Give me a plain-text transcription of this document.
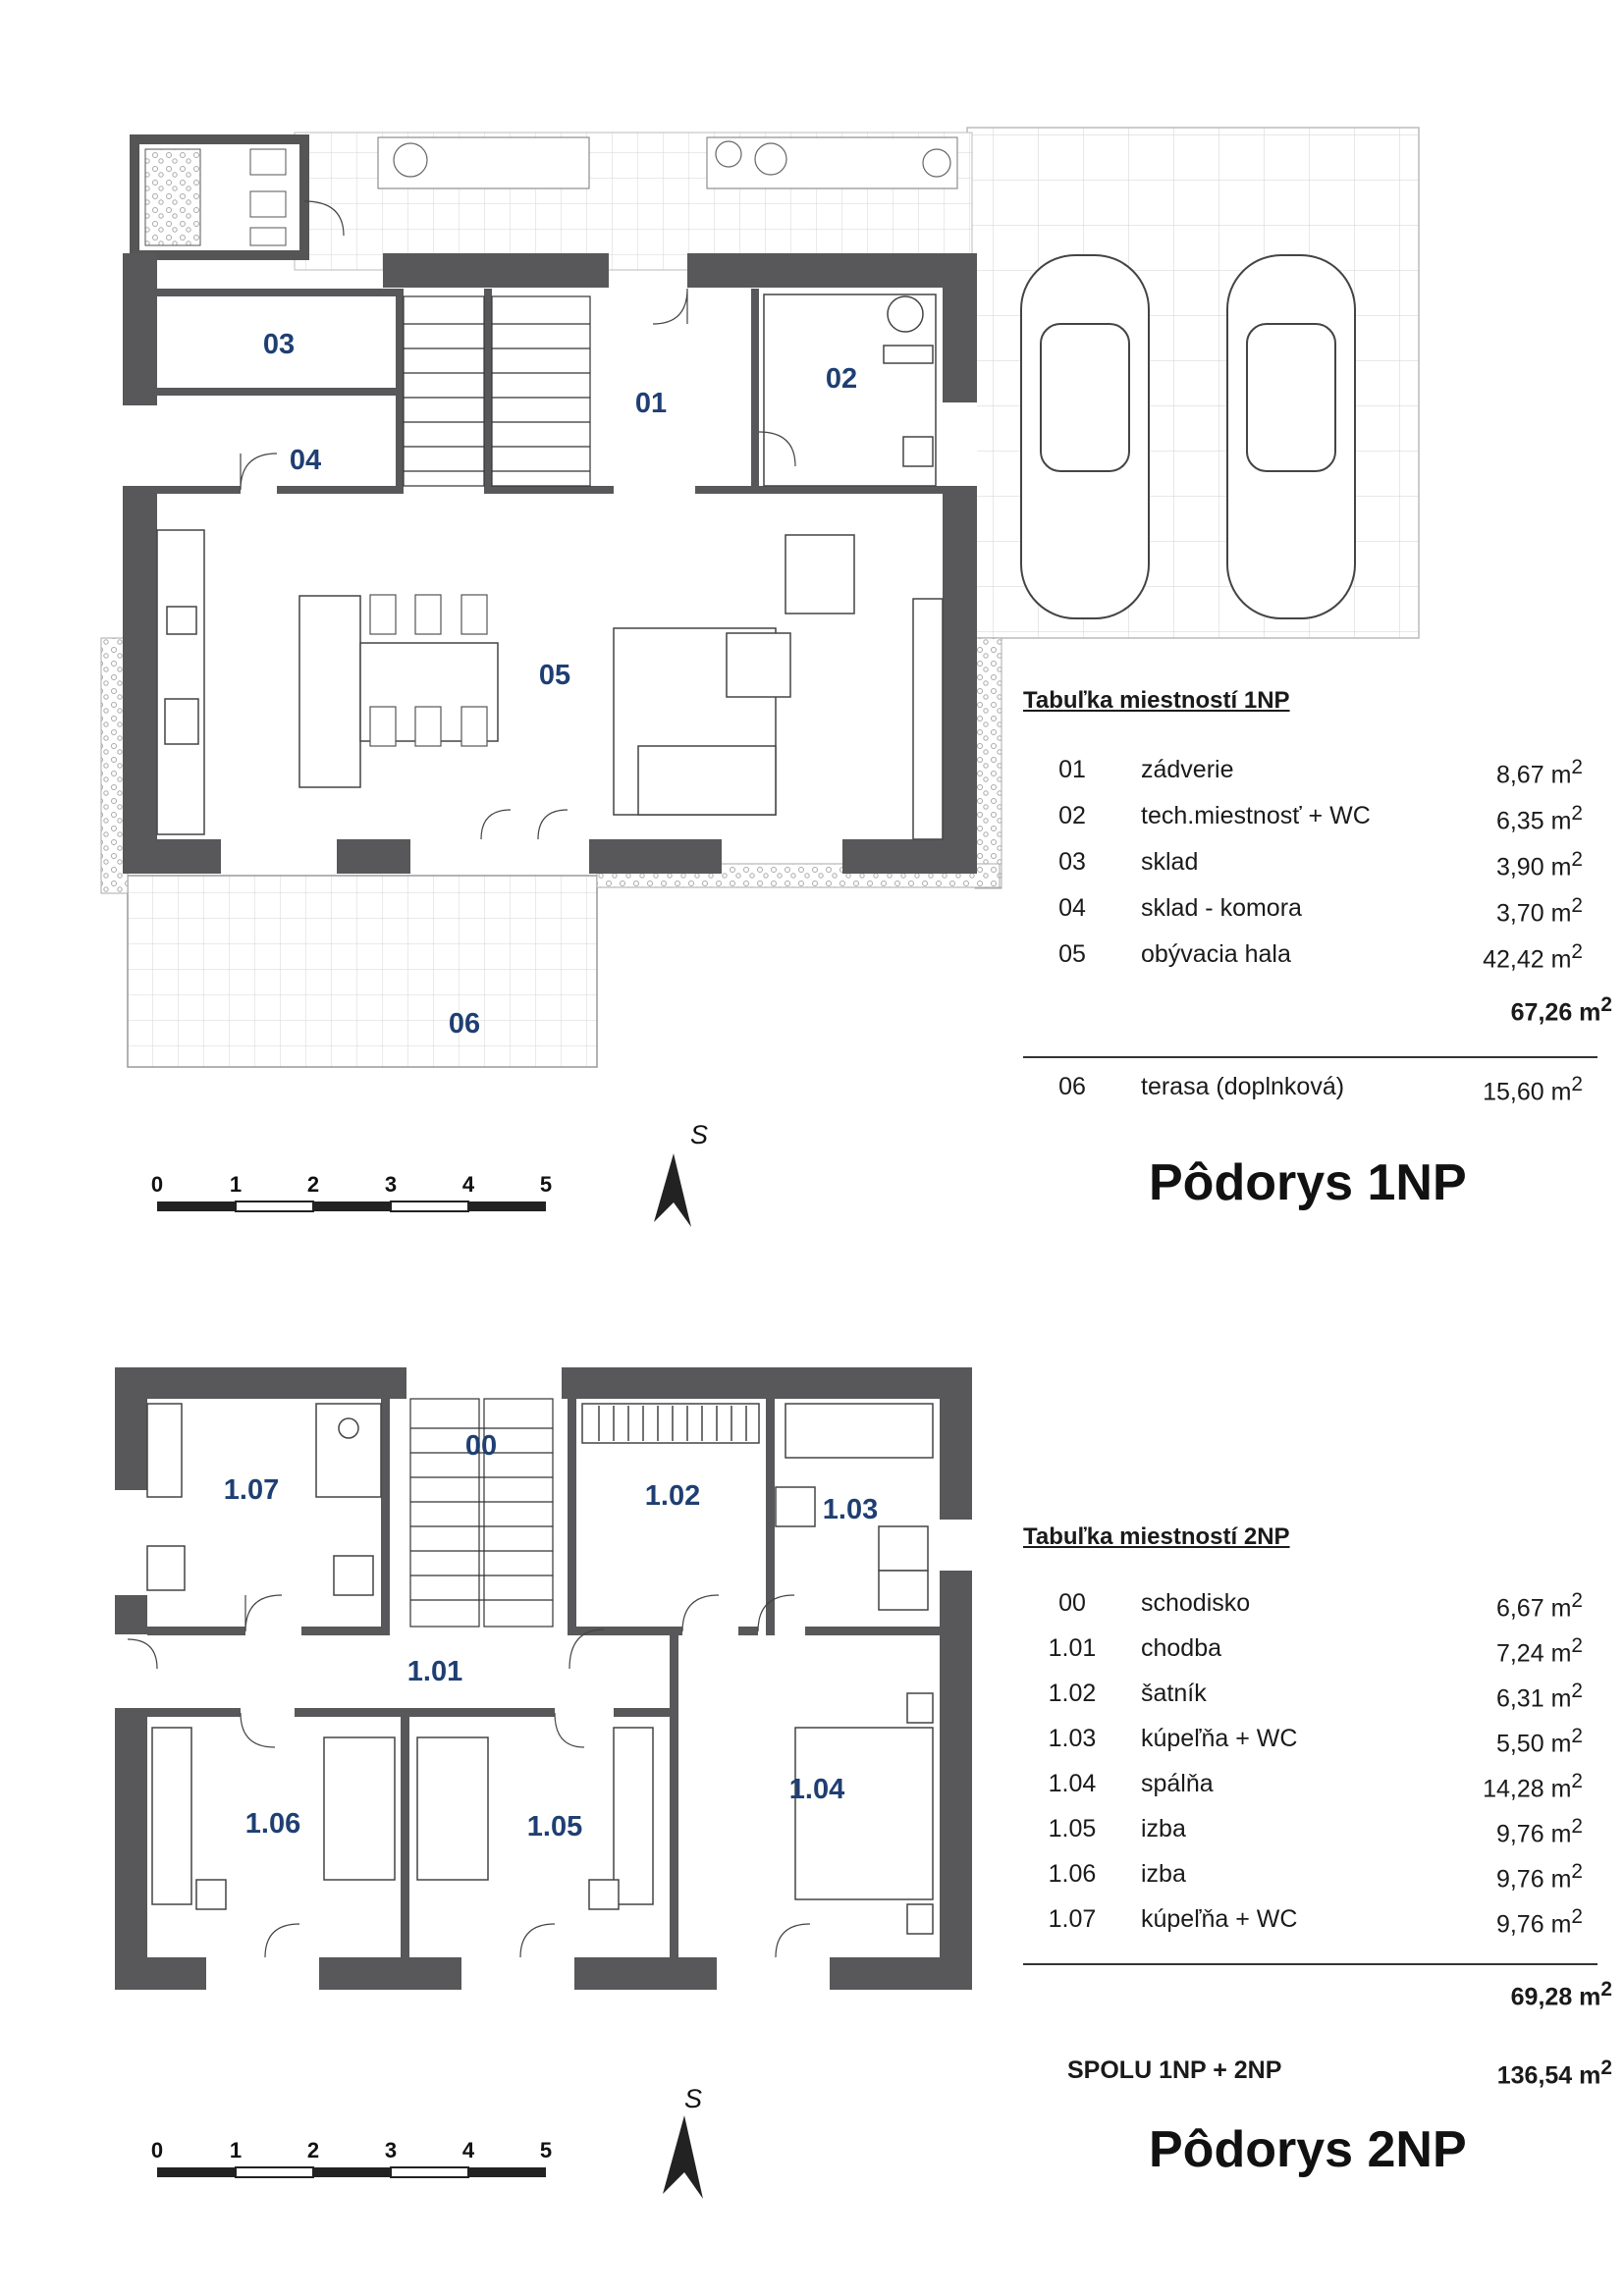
01
02
03
04
05
06
0	1	2	3	4	5
S
00
1.01
1.02	1.03
1.04
1.05
1.06
1.07
0	1	2	3	4	5
S
Tabuľka miestností 1NP
01	zádverie	8,67 $m^2$
02	tech.miestnosť + WC	6,35 $m^2$
03	sklad	3,90 $m^2$
04	sklad - komora	3,70 $m^2$
05	obývacia hala	42,42 $m^2$
67,26 $m^2$
06	terasa (doplnková)	15,60 $m^2$
Pôdorys 1NP
Tabuľka miestností 2NP
00	schodisko	6,67 $m^2$
1.01	chodba	7,24 $m^2$
1.02	šatník	6,31 $m^2$
1.03	kúpeľňa + WC	5,50 $m^2$
1.04	spálňa	14,28 $m^2$
1.05	izba	9,76 $m^2$
1.06	izba	9,76 $m^2$
1.07	kúpeľňa + WC	9,76 $m^2$
69,28 $m^2$
SPOLU 1NP + 2NP	136,54 $m^2$
Pôdorys 2NP
